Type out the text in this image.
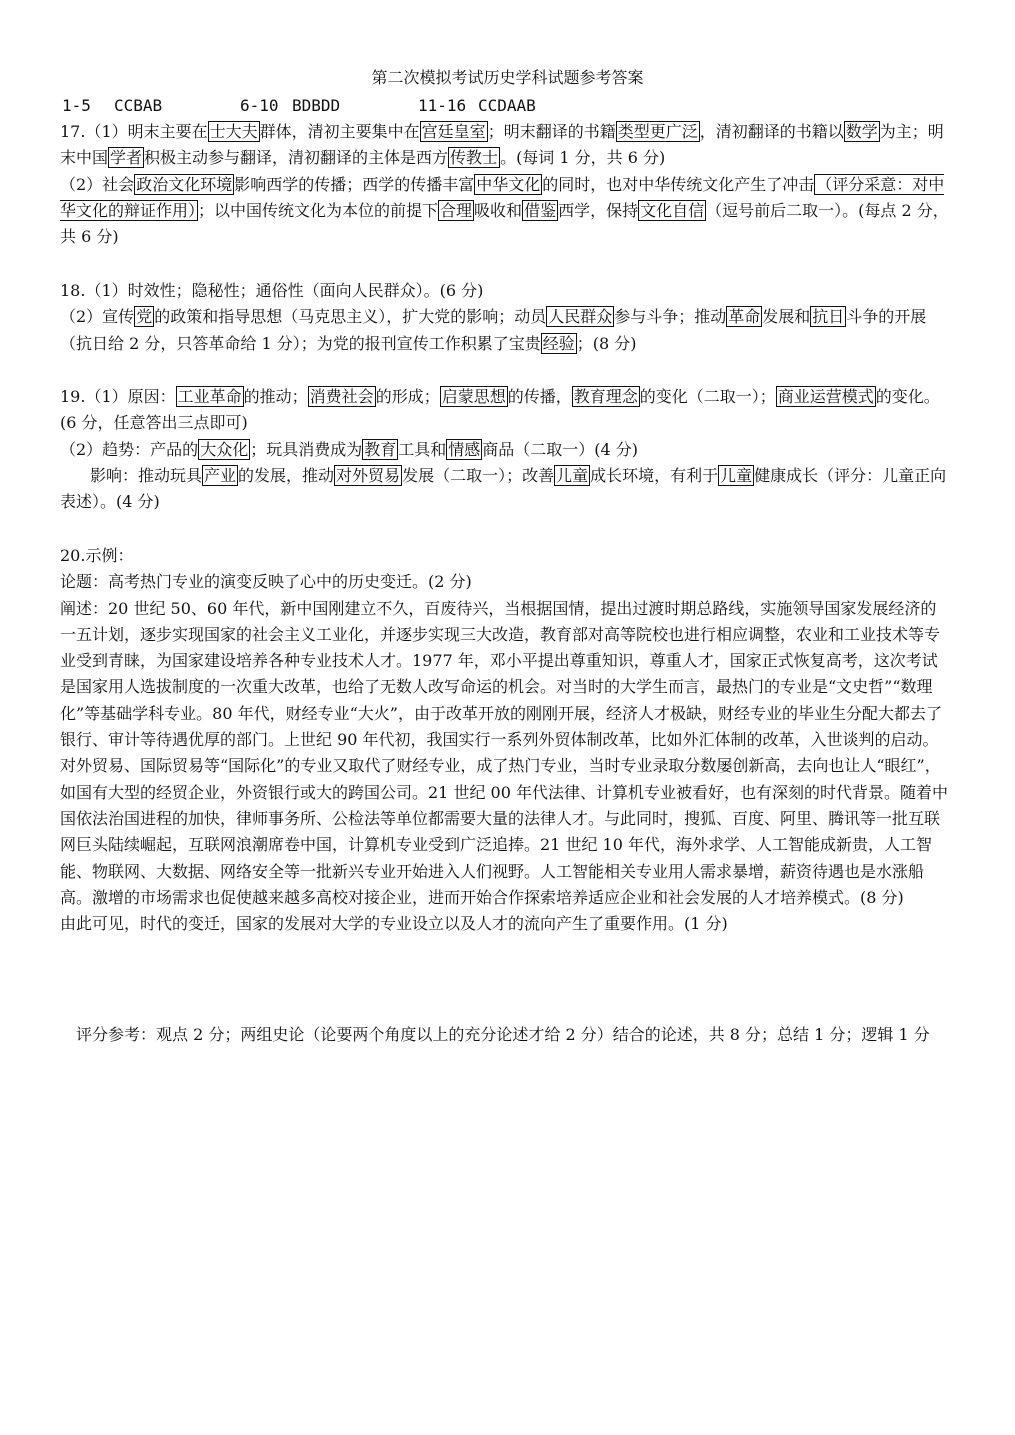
第二次模拟考试历史学科试题参考答案
1-5 CCBAB	6-10 BDBDD	11-16 CCDAAB

17.（1）明末主要在 士大夫 群体，清初主要集中在 宫廷皇室 ；明末翻译的书籍 类型更广泛 ，清初翻译的书籍以 数学 为主；明末中国 学者 积极主动参与翻译，清初翻译的主体是西方 传教士 。(每词 1 分，共 6 分)

（2）社会 政治文化环境 影响西学的传播；西学的传播丰富 中华文化 的同时，也对中华传统文化产生了冲击 （评分采意：对中华文化的辩证作用） ；以中国传统文化为本位的前提下 合理 吸收和 借鉴 西学，保持 文化自信 （逗号前后二取一）。(每点 2 分，共 6 分)

18.（1）时效性；隐秘性；通俗性（面向人民群众）。(6 分)

（2）宣传 党 的政策和指导思想（马克思主义），扩大党的影响；动员 人民群众 参与斗争；推动 革命 发展和 抗日 斗争的开展（抗日给 2 分，只答革命给 1 分）；为党的报刊宣传工作积累了宝贵 经验 ；(8 分)

19.（1）原因： 工业革命 的推动； 消费社会 的形成； 启蒙思想 的传播， 教育理念 的变化（二取一）； 商业运营模式 的变化。(6 分，任意答出三点即可)

（2）趋势：产品的 大众化 ；玩具消费成为 教育 工具和 情感 商品（二取一）(4 分)

影响：推动玩具 产业 的发展，推动 对外贸易 发展（二取一）；改善 儿童 成长环境，有利于 儿童 健康成长（评分：儿童正向表述）。(4 分)

20.示例：

论题：高考热门专业的演变反映了心中的历史变迁。(2 分)

阐述：20 世纪 50、60 年代，新中国刚建立不久，百废待兴，当根据国情，提出过渡时期总路线，实施领导国家发展经济的一五计划，逐步实现国家的社会主义工业化，并逐步实现三大改造，教育部对高等院校也进行相应调整，农业和工业技术等专业受到青睐，为国家建设培养各种专业技术人才。1977 年，邓小平提出尊重知识，尊重人才，国家正式恢复高考，这次考试是国家用人选拔制度的一次重大改革，也给了无数人改写命运的机会。对当时的大学生而言，最热门的专业是“文史哲”“数理化”等基础学科专业。80 年代，财经专业“大火”，由于改革开放的刚刚开展，经济人才极缺，财经专业的毕业生分配大都去了银行、审计等待遇优厚的部门。上世纪 90 年代初，我国实行一系列外贸体制改革，比如外汇体制的改革，入世谈判的启动。对外贸易、国际贸易等“国际化”的专业又取代了财经专业，成了热门专业，当时专业录取分数屡创新高，去向也让人“眼红”，如国有大型的经贸企业，外资银行或大的跨国公司。21 世纪 00 年代法律、计算机专业被看好，也有深刻的时代背景。随着中国依法治国进程的加快，律师事务所、公检法等单位都需要大量的法律人才。与此同时，搜狐、百度、阿里、腾讯等一批互联网巨头陆续崛起，互联网浪潮席卷中国，计算机专业受到广泛追捧。21 世纪 10 年代，海外求学、人工智能成新贵，人工智能、物联网、大数据、网络安全等一批新兴专业开始进入人们视野。人工智能相关专业用人需求暴增，薪资待遇也是水涨船高。激增的市场需求也促使越来越多高校对接企业，进而开始合作探索培养适应企业和社会发展的人才培养模式。(8 分)

由此可见，时代的变迁，国家的发展对大学的专业设立以及人才的流向产生了重要作用。(1 分)

评分参考：观点 2 分；两组史论（论要两个角度以上的充分论述才给 2 分）结合的论述，共 8 分；总结 1 分；逻辑 1 分
